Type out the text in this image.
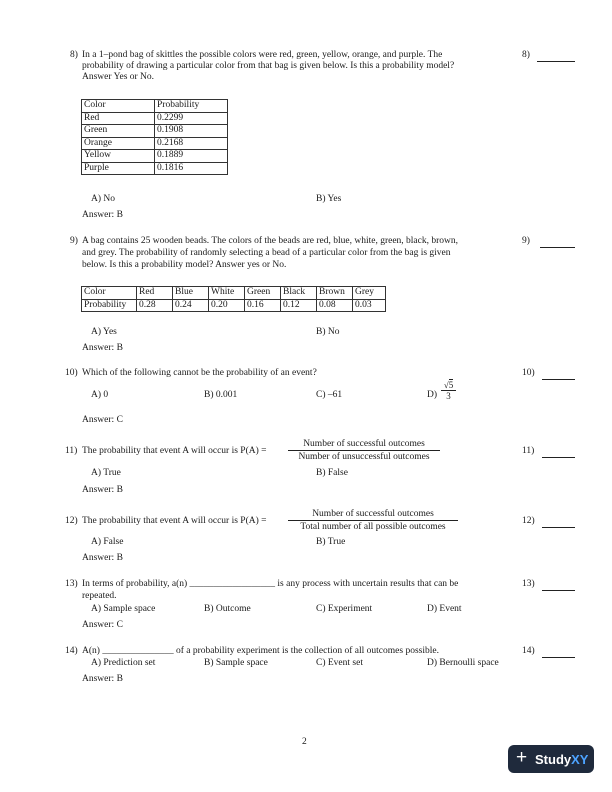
8) In a 1–pond bag of skittles the possible colors were red, green, yellow, orange, and purple. The
probability of drawing a particular color from that bag is given below. Is this a probability model?
Answer Yes or No.
Color	Probability
Red	0.2299
Green	0.1908
Orange	0.2168
Yellow	0.1889
Purple	0.1816
A) No	B) Yes
Answer: B
8)
9) A bag contains 25 wooden beads. The colors of the beads are red, blue, white, green, black, brown,
and grey. The probability of randomly selecting a bead of a particular color from the bag is given
below. Is this a probability model? Answer yes or No.
Color	Red	Blue	White	Green	Black	Brown	Grey
Probability	0.28	0.24	0.20	0.16	0.12	0.08	0.03
A) Yes	B) No
Answer: B
9)
10) Which of the following cannot be the probability of an event?
A) 0	B) 0.001	C) –61	D)
√5
3
Answer: C
10)
11) The probability that event A will occur is P(A) =
Number of successful outcomes
Number of unsuccessful outcomes
A) True	B) False
Answer: B
11)
12) The probability that event A will occur is P(A) =
Number of successful outcomes
Total number of all possible outcomes
A) False	B) True
Answer: B
12)
13) In terms of probability, a(n) __________________ is any process with uncertain results that can be
repeated.
A) Sample space	B) Outcome	C) Experiment	D) Event
Answer: C
13)
14) A(n) _______________ of a probability experiment is the collection of all outcomes possible.
A) Prediction set	B) Sample space	C) Event set	D) Bernoulli space
Answer: B
14)
2
+ StudyXY
